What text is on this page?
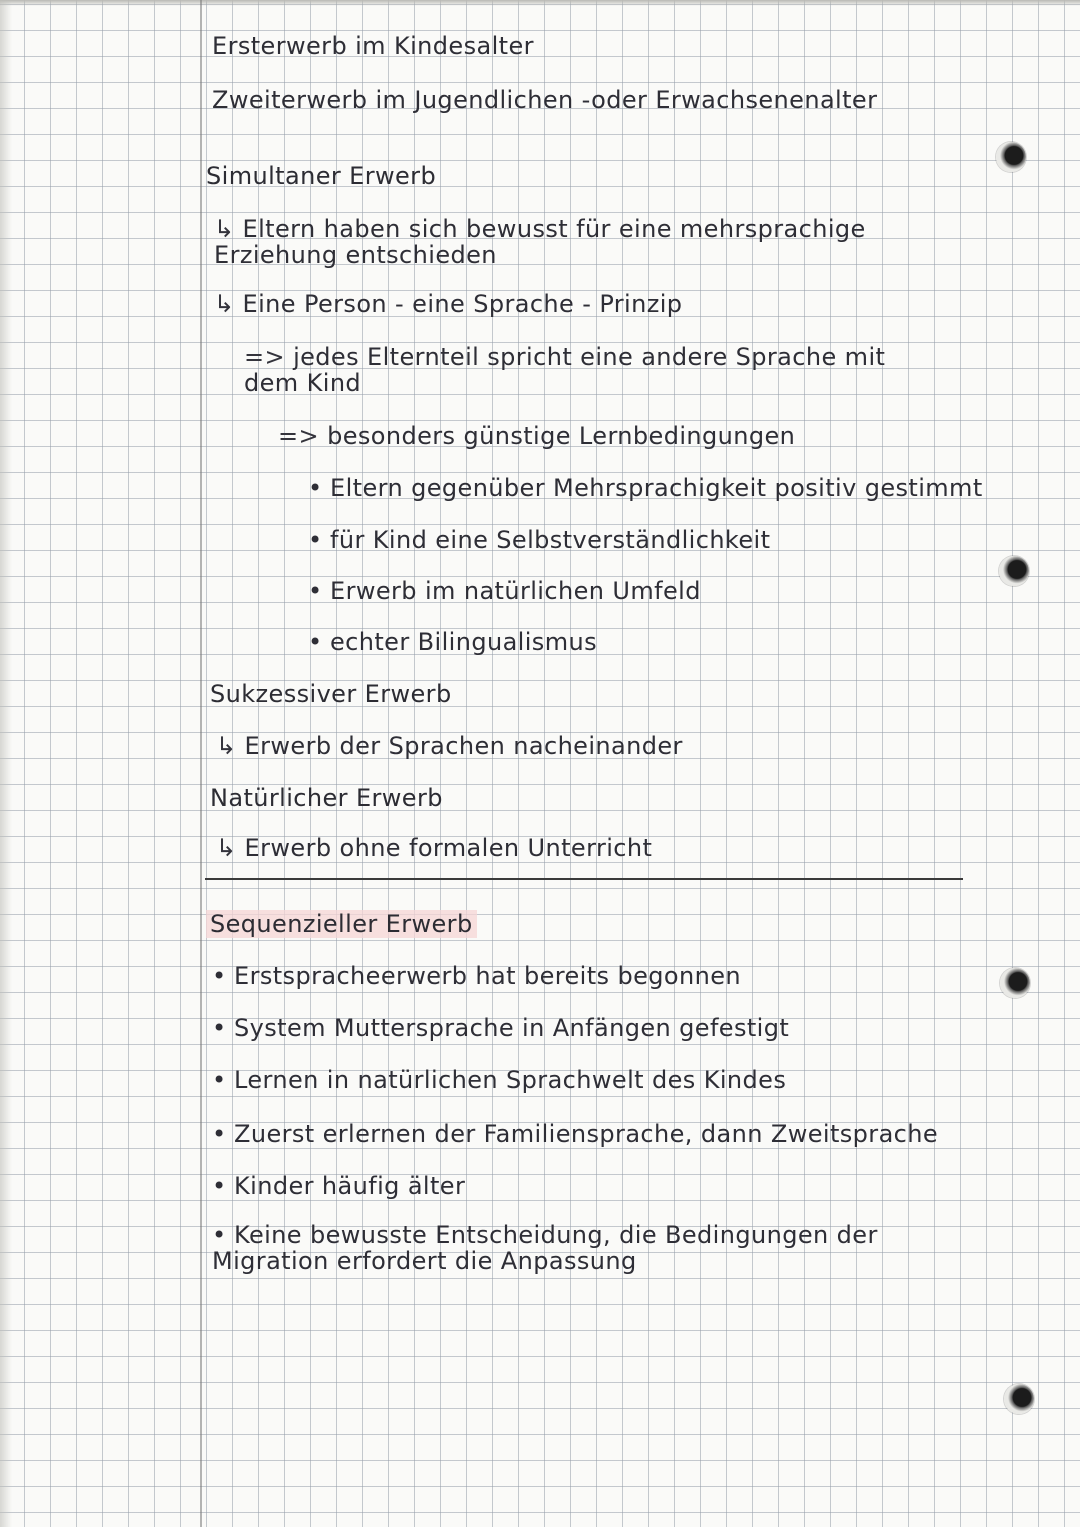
Ersterwerb im Kindesalter

Zweiterwerb im Jugendlichen -oder Erwachsenenalter

Simultaner Erwerb

↳ Eltern haben sich bewusst für eine mehrsprachige Erziehung entschieden
↳ Eine Person - eine Sprache - Prinzip
=> jedes Elternteil spricht eine andere Sprache mit dem Kind
=> besonders günstige Lernbedingungen
• Eltern gegenüber Mehrsprachigkeit positiv gestimmt
• für Kind eine Selbstverständlichkeit
• Erwerb im natürlichen Umfeld
• echter Bilingualismus

Sukzessiver Erwerb

↳ Erwerb der Sprachen nacheinander

Natürlicher Erwerb

↳ Erwerb ohne formalen Unterricht

Sequenzieller Erwerb

• Erstspracheerwerb hat bereits begonnen
• System Muttersprache in Anfängen gefestigt
• Lernen in natürlichen Sprachwelt des Kindes
• Zuerst erlernen der Familiensprache, dann Zweitsprache
• Kinder häufig älter
• Keine bewusste Entscheidung, die Bedingungen der Migration erfordert die Anpassung
